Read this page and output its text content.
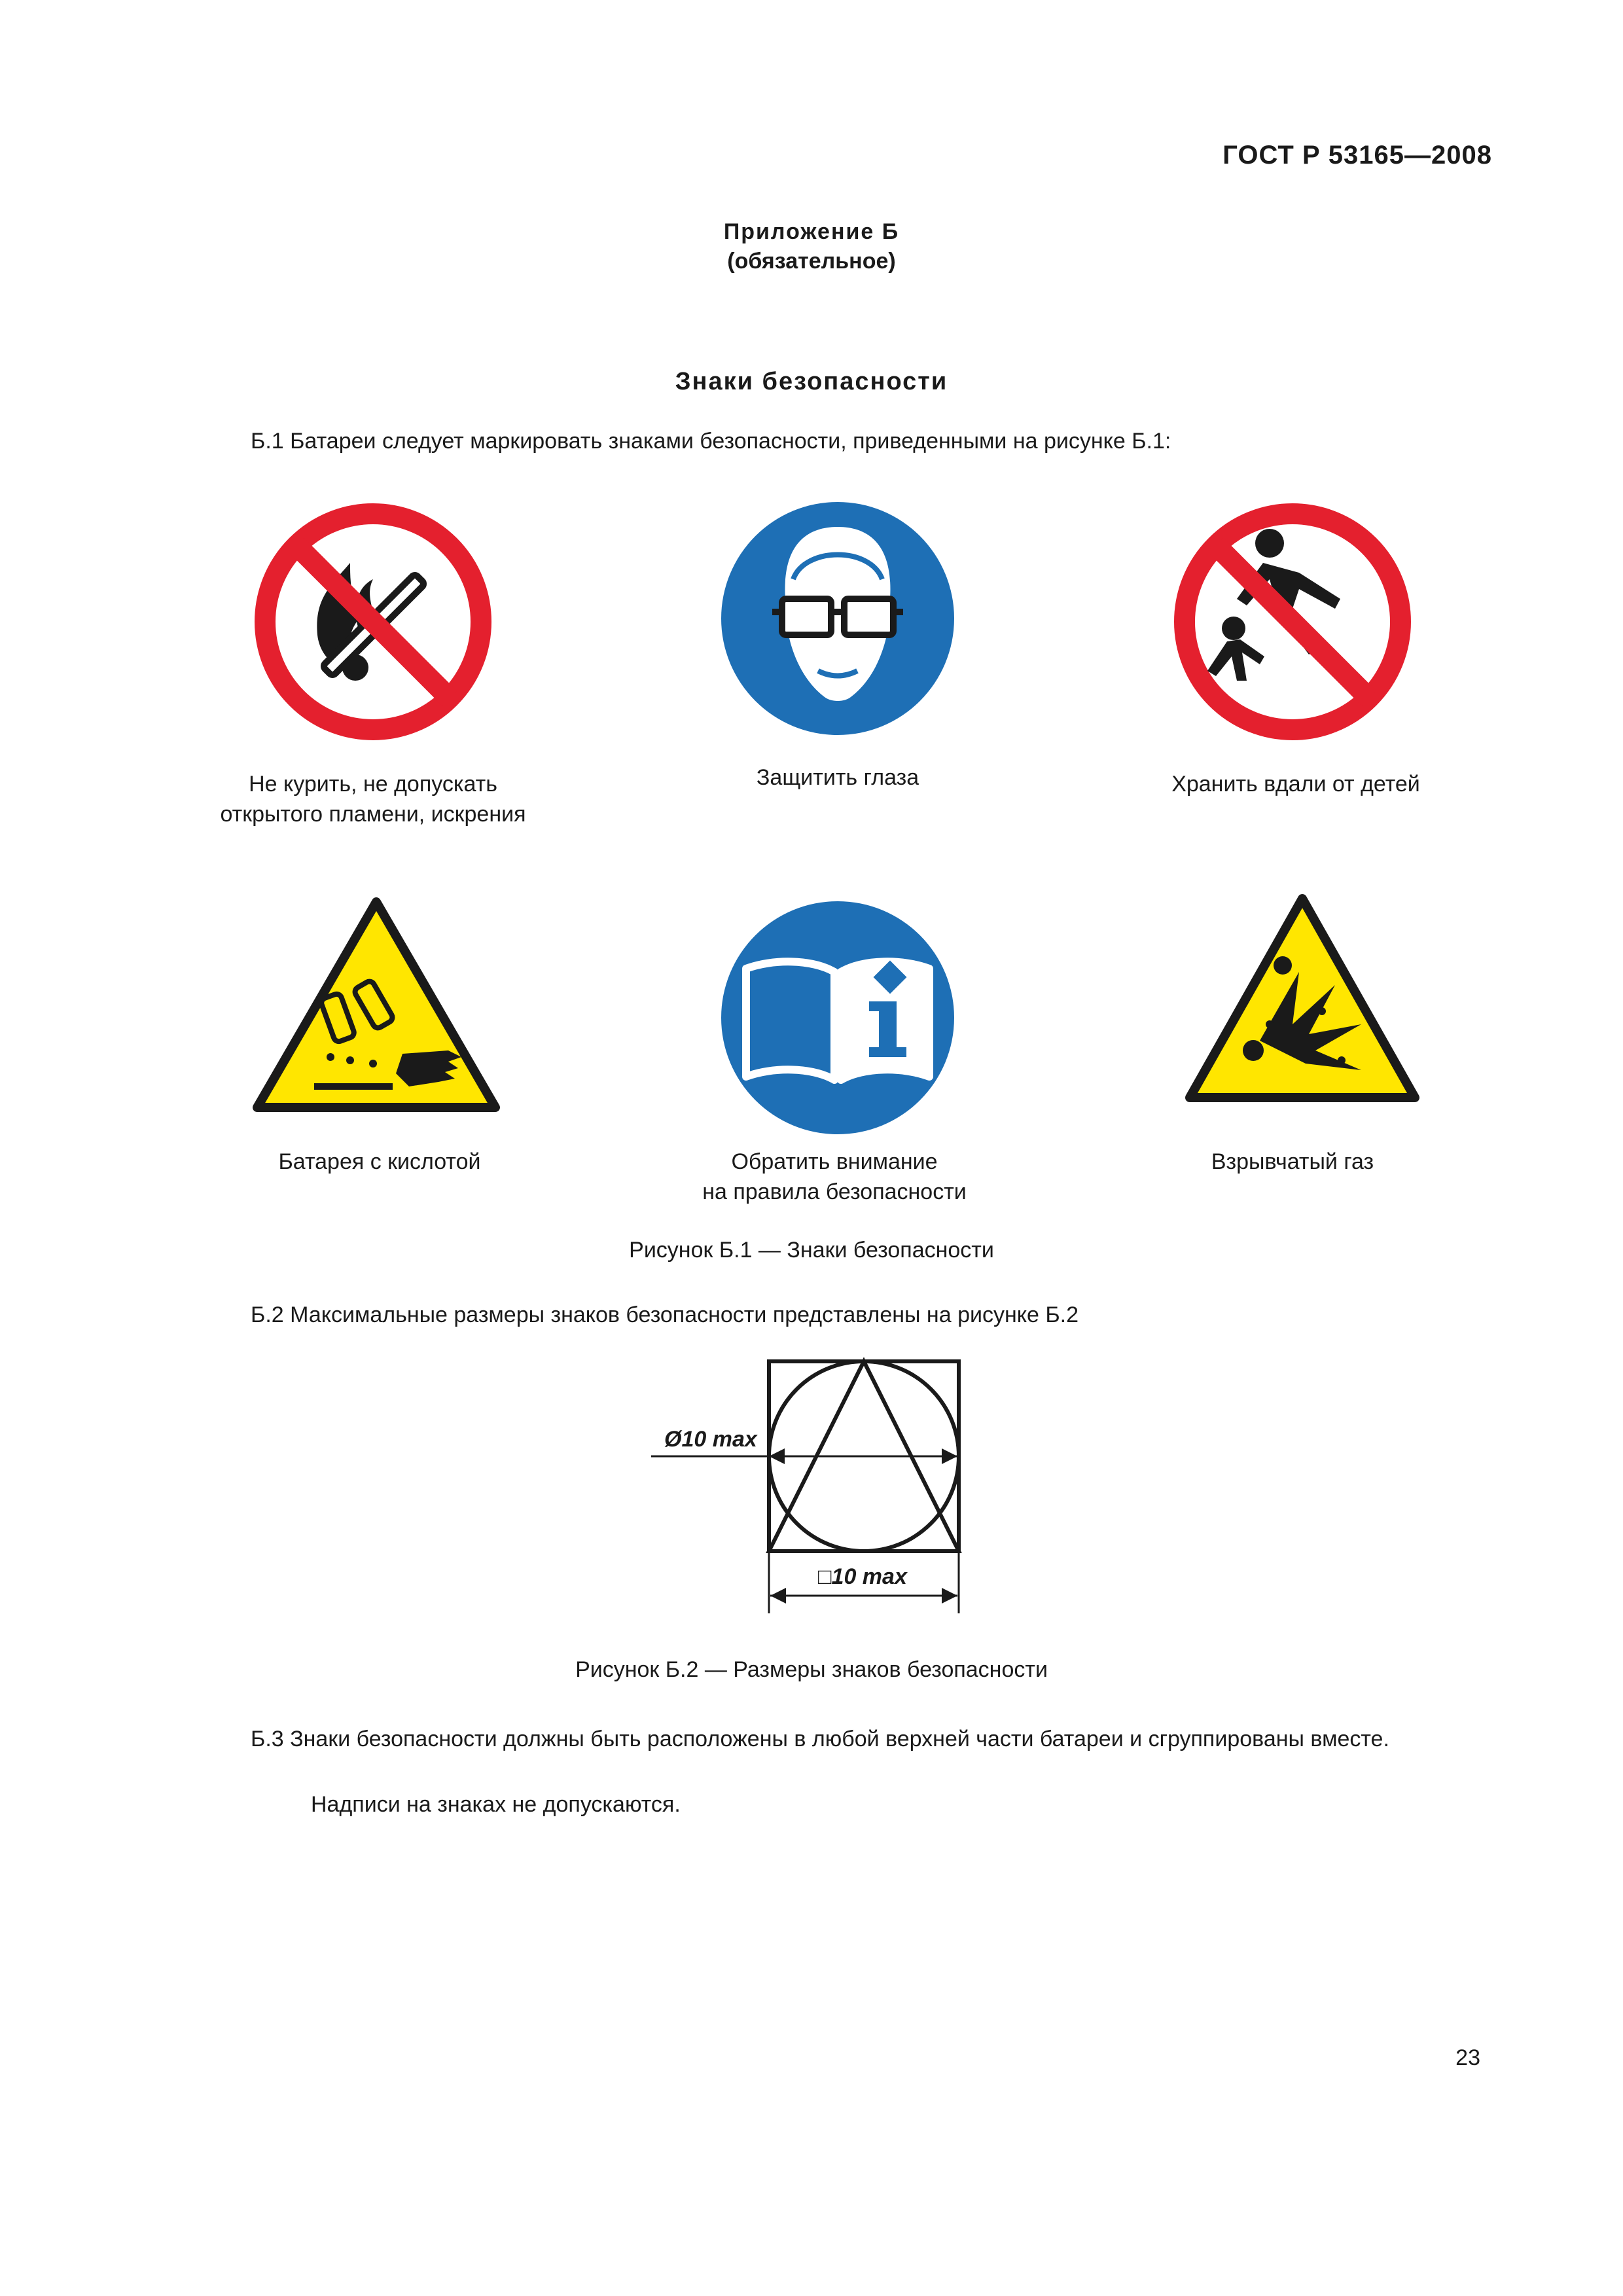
ГОСТ Р 53165—2008
Приложение Б
(обязательное)
Знаки безопасности
Б.1 Батареи следует маркировать знаками безопасности, приведенными на рисунке Б.1:
Не курить, не допускать
открытого пламени, искрения
Защитить глаза	Хранить вдали от детей
Батарея с кислотой	Обратить внимание
на правила безопасности
Взрывчатый газ
Рисунок Б.1 — Знаки безопасности
Б.2 Максимальные размеры знаков безопасности представлены на рисунке Б.2
Ø10 max
□10 max
Рисунок Б.2 — Размеры знаков безопасности
Б.3 Знаки безопасности должны быть расположены в любой верхней части батареи и сгруппированы вместе.
Надписи на знаках не допускаются.
23
